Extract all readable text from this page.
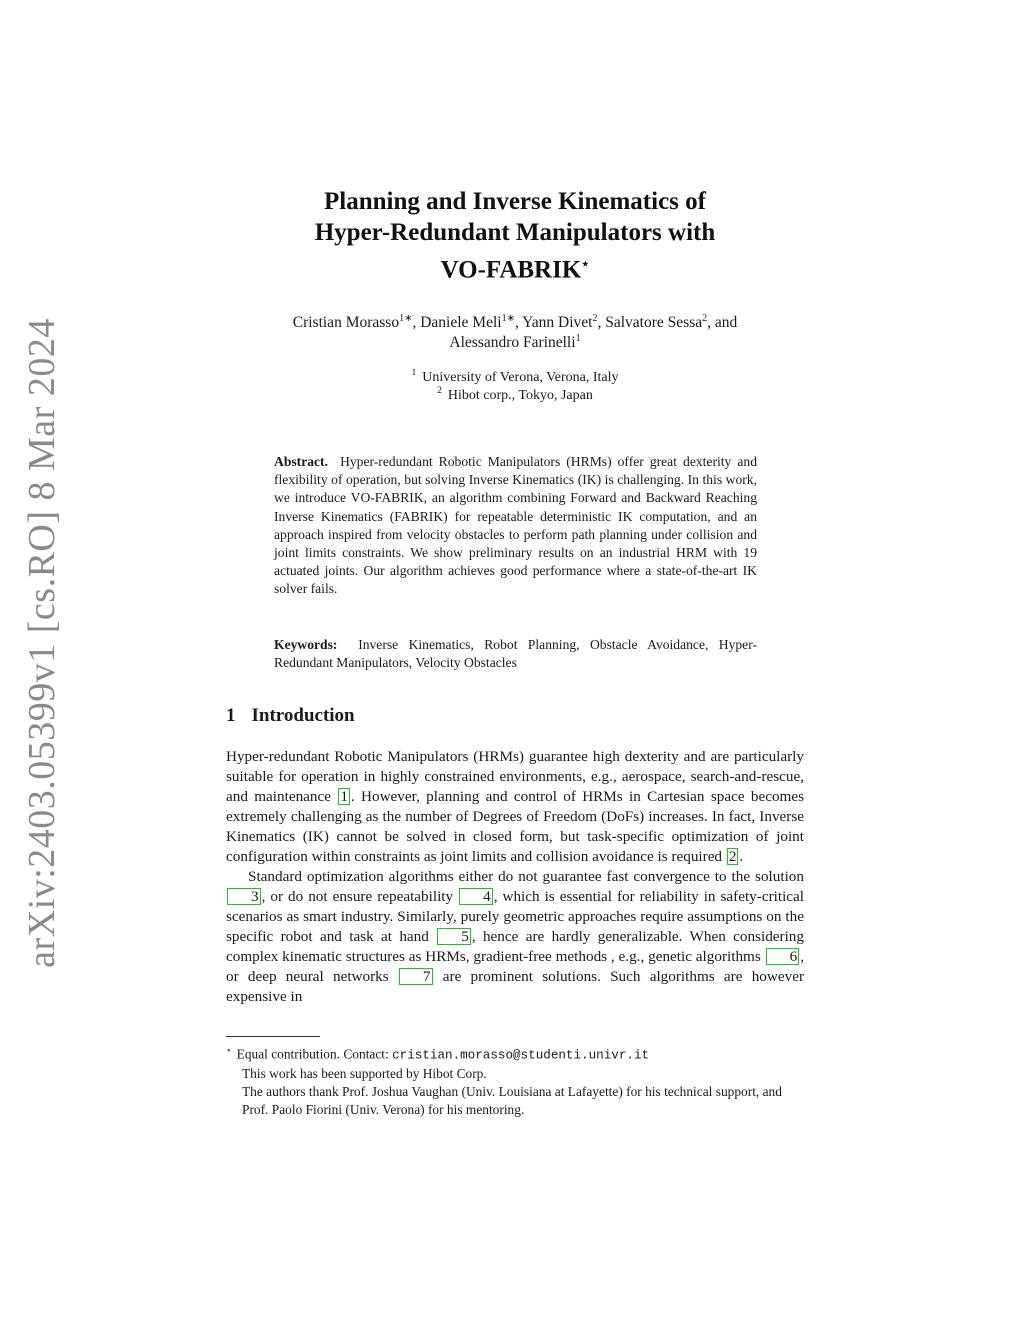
arXiv:2403.05399v1 [cs.RO] 8 Mar 2024
Planning and Inverse Kinematics of
Hyper-Redundant Manipulators with
VO-FABRIK⋆
Cristian Morasso$^{1∗}$, Daniele Meli$^{1∗}$, Yann Divet$^2$, Salvatore Sessa$^2$, and
Alessandro Farinelli$^1$
$^1$ University of Verona, Verona, Italy
$^2$ Hibot corp., Tokyo, Japan
Abstract. Hyper-redundant Robotic Manipulators (HRMs) offer great dexterity and flexibility of operation, but solving Inverse Kinematics (IK) is challenging. In this work, we introduce VO-FABRIK, an algorithm combining Forward and Backward Reaching Inverse Kinematics (FABRIK) for repeatable deterministic IK computation, and an approach inspired from velocity obstacles to perform path planning under collision and joint limits constraints. We show preliminary results on an industrial HRM with 19 actuated joints. Our algorithm achieves good performance where a state-of-the-art IK solver fails.
Keywords: Inverse Kinematics, Robot Planning, Obstacle Avoidance, Hyper-Redundant Manipulators, Velocity Obstacles
1 Introduction

Hyper-redundant Robotic Manipulators (HRMs) guarantee high dexterity and are particularly suitable for operation in highly constrained environments, e.g., aerospace, search-and-rescue, and maintenance 1 . However, planning and control of HRMs in Cartesian space becomes extremely challenging as the number of Degrees of Freedom (DoFs) increases. In fact, Inverse Kinematics (IK) cannot be solved in closed form, but task-specific optimization of joint configuration within constraints as joint limits and collision avoidance is required 2 .

Standard optimization algorithms either do not guarantee fast convergence to the solution 3 , or do not ensure repeatability 4 , which is essential for reliability in safety-critical scenarios as smart industry. Similarly, purely geometric approaches require assumptions on the specific robot and task at hand 5 , hence are hardly generalizable. When considering complex kinematic structures as HRMs, gradient-free methods , e.g., genetic algorithms 6 , or deep neural networks 7 are prominent solutions. Such algorithms are however expensive in

⋆ Equal contribution. Contact: cristian.morasso@studenti.univr.it
This work has been supported by Hibot Corp.
The authors thank Prof. Joshua Vaughan (Univ. Louisiana at Lafayette) for his technical support, and Prof. Paolo Fiorini (Univ. Verona) for his mentoring.
